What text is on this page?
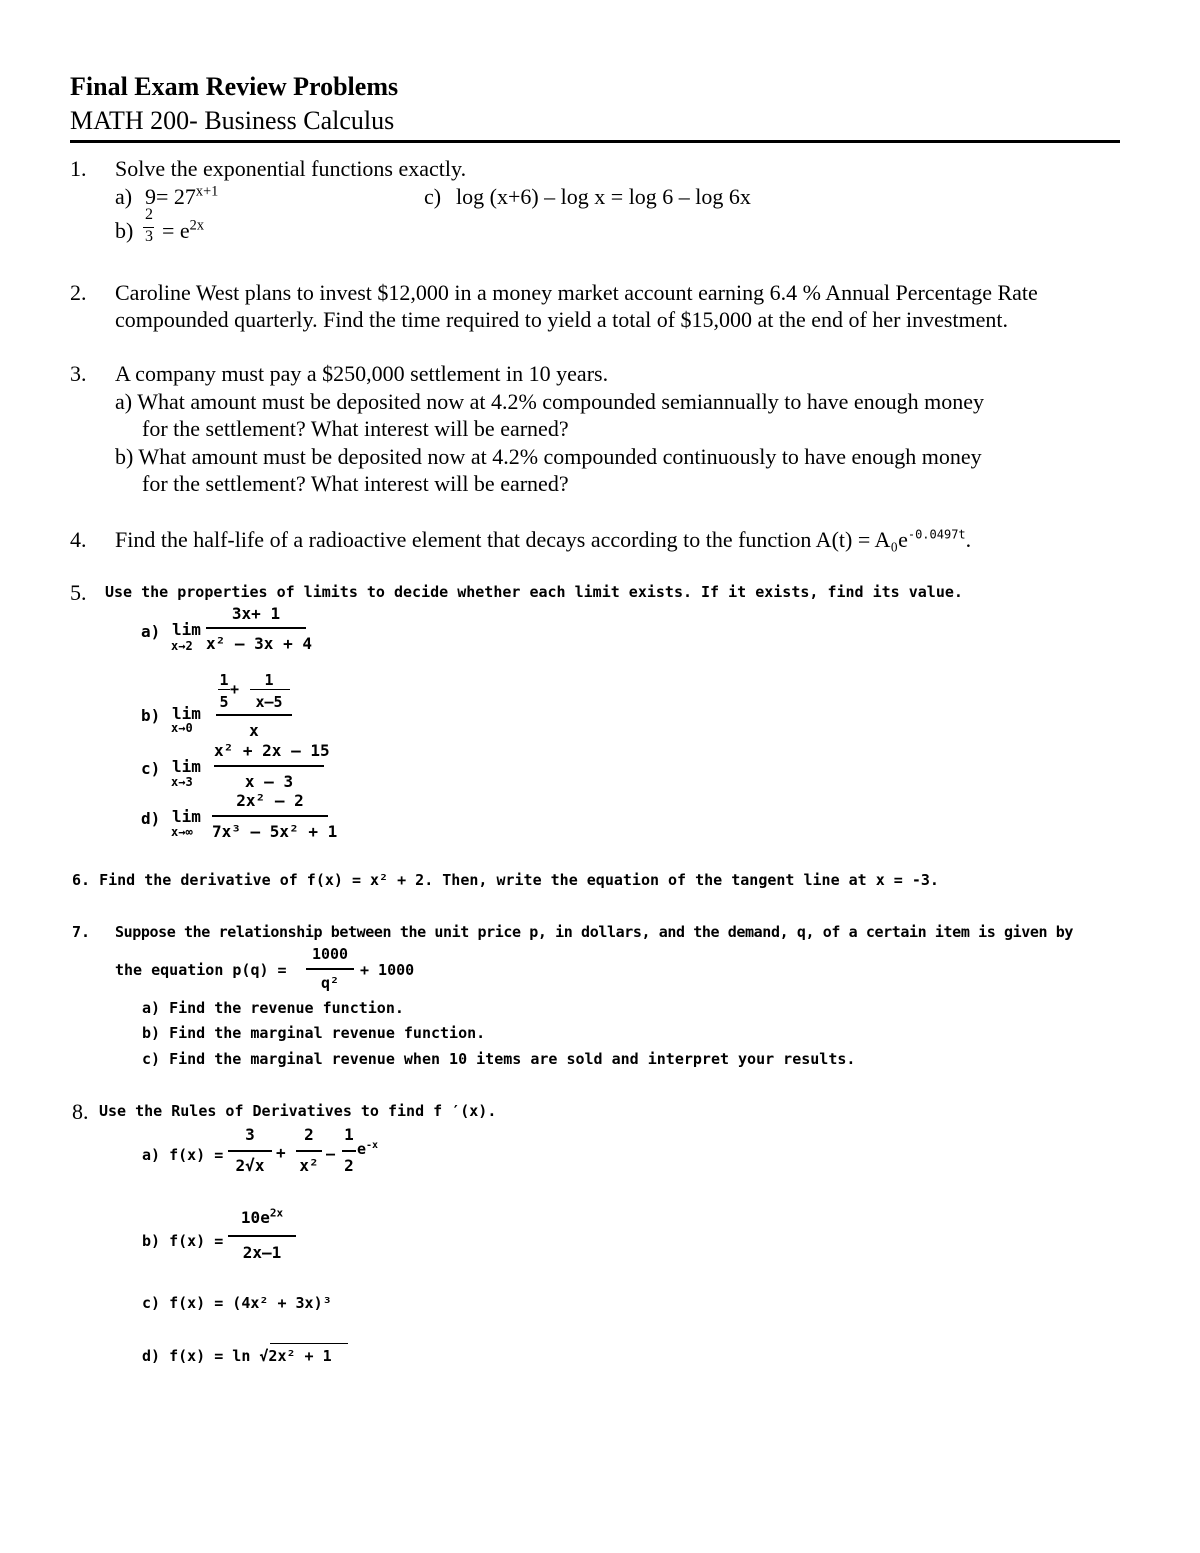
Final Exam Review Problems
MATH 200- Business Calculus
1. Solve the exponential functions exactly.
a) $9= 27^{x+1}$
b)
2
$3 = e^{2x}$
c) log (x+6) – log x = log 6 – log 6x
2. Caroline West plans to invest $12,000 in a money market account earning 6.4 % Annual Percentage Rate
compounded quarterly. Find the time required to yield a total of $15,000 at the end of her investment.
3. A company must pay a $250,000 settlement in 10 years.
a) What amount must be deposited now at 4.2% compounded semiannually to have enough money
for the settlement? What interest will be earned?
b) What amount must be deposited now at 4.2% compounded continuously to have enough money
for the settlement? What interest will be earned?
4. Find the half-life of a radioactive element that decays according to the function $A(t) = A_0e^{-0.0497t}$.
5. Use the properties of limits to decide whether each limit exists. If it exists, find its value.
a) lim
x→2
3x+ 1
x² – 3x + 4
b) lim
x→0
1
5
+	1
x–5
x
c) lim
x→3
x² + 2x – 15
x – 3
d) lim
x→∞
2x² – 2
7x³ – 5x² + 1
6. Find the derivative of f(x) = x² + 2. Then, write the equation of the tangent line at x = -3.
7. Suppose the relationship between the unit price p, in dollars, and the demand, q, of a certain item is given by
the equation p(q) =
1000
q²
+ 1000
a) Find the revenue function.
b) Find the marginal revenue function.
c) Find the marginal revenue when 10 items are sold and interpret your results.
8. Use the Rules of Derivatives to find f ′(x).
a) f(x) =
3
2√x
+
2
x²
–
1
2
$e^{-x}$
b) f(x) =
$10e^{2x}$
2x–1
c) f(x) = (4x² + 3x)³
d) f(x) = ln √2x² + 1
